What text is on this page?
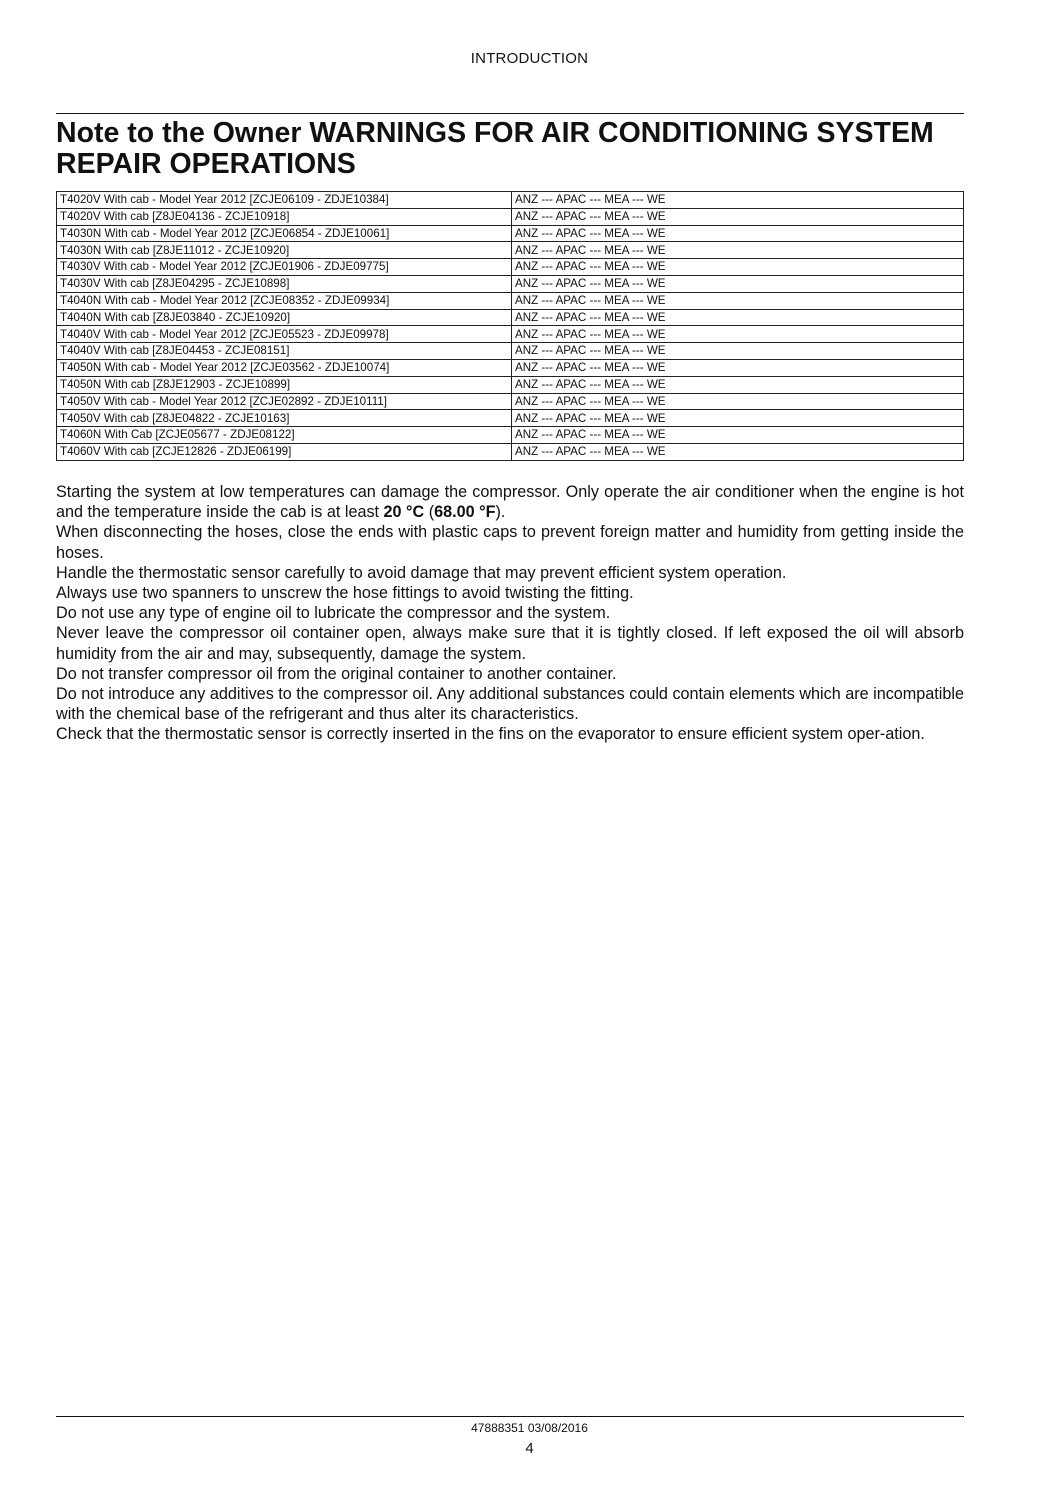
INTRODUCTION
Note to the Owner WARNINGS FOR AIR CONDITIONING SYSTEM REPAIR OPERATIONS
T4020V With cab - Model Year 2012 [ZCJE06109 - ZDJE10384]	ANZ --- APAC --- MEA --- WE
T4020V With cab [Z8JE04136 - ZCJE10918]	ANZ --- APAC --- MEA --- WE
T4030N With cab - Model Year 2012 [ZCJE06854 - ZDJE10061]	ANZ --- APAC --- MEA --- WE
T4030N With cab [Z8JE11012 - ZCJE10920]	ANZ --- APAC --- MEA --- WE
T4030V With cab - Model Year 2012 [ZCJE01906 - ZDJE09775]	ANZ --- APAC --- MEA --- WE
T4030V With cab [Z8JE04295 - ZCJE10898]	ANZ --- APAC --- MEA --- WE
T4040N With cab - Model Year 2012 [ZCJE08352 - ZDJE09934]	ANZ --- APAC --- MEA --- WE
T4040N With cab [Z8JE03840 - ZCJE10920]	ANZ --- APAC --- MEA --- WE
T4040V With cab - Model Year 2012 [ZCJE05523 - ZDJE09978]	ANZ --- APAC --- MEA --- WE
T4040V With cab [Z8JE04453 - ZCJE08151]	ANZ --- APAC --- MEA --- WE
T4050N With cab - Model Year 2012 [ZCJE03562 - ZDJE10074]	ANZ --- APAC --- MEA --- WE
T4050N With cab [Z8JE12903 - ZCJE10899]	ANZ --- APAC --- MEA --- WE
T4050V With cab - Model Year 2012 [ZCJE02892 - ZDJE10111]	ANZ --- APAC --- MEA --- WE
T4050V With cab [Z8JE04822 - ZCJE10163]	ANZ --- APAC --- MEA --- WE
T4060N With Cab [ZCJE05677 - ZDJE08122]	ANZ --- APAC --- MEA --- WE
T4060V With cab [ZCJE12826 - ZDJE06199]	ANZ --- APAC --- MEA --- WE

Starting the system at low temperatures can damage the compressor. Only operate the air conditioner when the engine is hot and the temperature inside the cab is at least 20 °C (68.00 °F).

When disconnecting the hoses, close the ends with plastic caps to prevent foreign matter and humidity from getting inside the hoses.

Handle the thermostatic sensor carefully to avoid damage that may prevent efficient system operation.

Always use two spanners to unscrew the hose fittings to avoid twisting the fitting.

Do not use any type of engine oil to lubricate the compressor and the system.

Never leave the compressor oil container open, always make sure that it is tightly closed. If left exposed the oil will absorb humidity from the air and may, subsequently, damage the system.

Do not transfer compressor oil from the original container to another container.

Do not introduce any additives to the compressor oil. Any additional substances could contain elements which are incompatible with the chemical base of the refrigerant and thus alter its characteristics.

Check that the thermostatic sensor is correctly inserted in the fins on the evaporator to ensure efficient system oper-ation.

47888351 03/08/2016
4
